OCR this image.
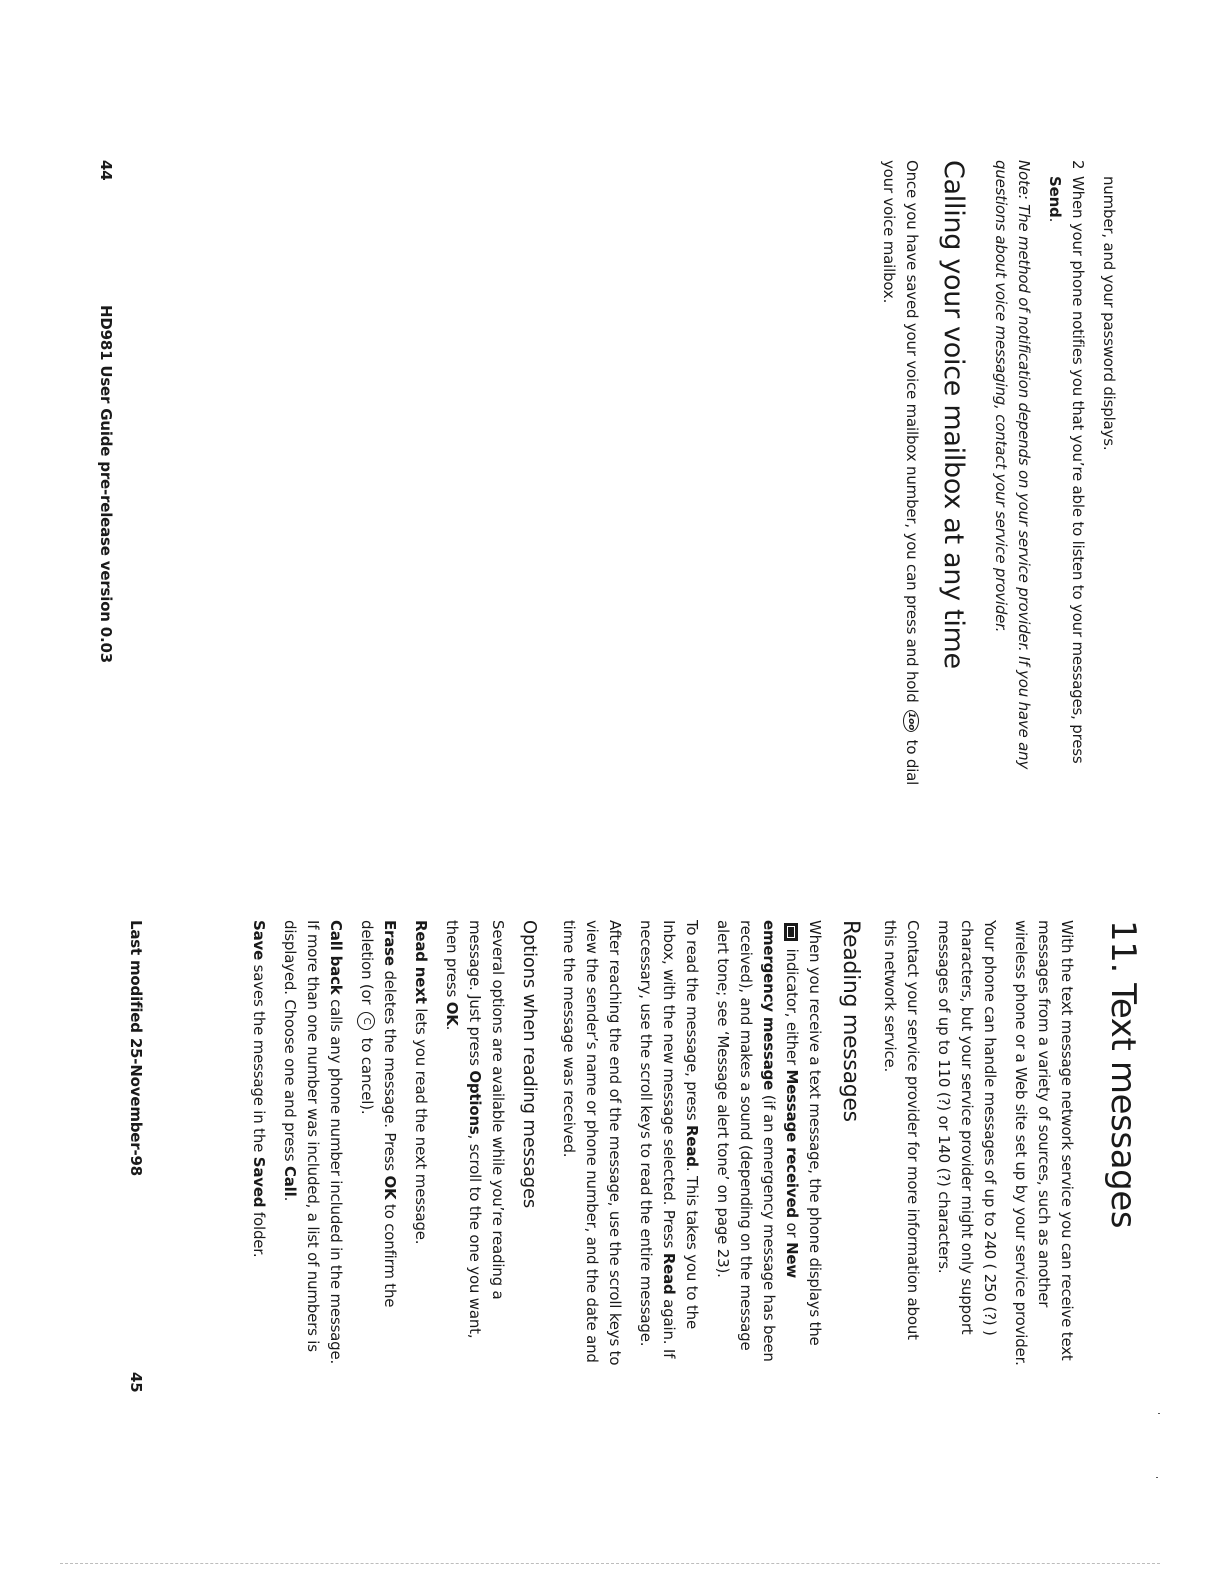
number, and your password displays.

2
When your phone notifies you that you’re able to listen to your messages, press Send.

Note: The method of notification depends on your service provider. If you have any questions about voice messaging, contact your service provider.

Calling your voice mailbox at any time

Once you have saved your voice mailbox number, you can press and hold 1oo to dial your voice mailbox.

44
HD981 User Guide pre-release version 0.03
11. Text messages

With the text message network service you can receive text messages from a variety of sources, such as another wireless phone or a Web site set up by your service provider.

Your phone can handle messages of up to 240 ( 250 (?) ) characters, but your service provider might only support messages of up to 110 (?) or 140 (?) characters.

Contact your service provider for more information about this network service.

Reading messages

When you receive a text message, the phone displays the  indicator, either Message received or New emergency message (if an emergency message has been received), and makes a sound (depending on the message alert tone; see ‘Message alert tone’ on page 23).

To read the message, press Read. This takes you to the Inbox, with the new message selected. Press Read again. If necessary, use the scroll keys to read the entire message.

After reaching the end of the message, use the scroll keys to view the sender’s name or phone number, and the date and time the message was received.

Options when reading messages

Several options are available while you’re reading a message. Just press Options, scroll to the one you want, then press OK.

Read next lets you read the next message.

Erase deletes the message. Press OK to confirm the deletion (or C to cancel).

Call back calls any phone number included in the message. If more than one number was included, a list of numbers is displayed. Choose one and press Call.

Save saves the message in the Saved folder.

Last modified 25-November-98
45
